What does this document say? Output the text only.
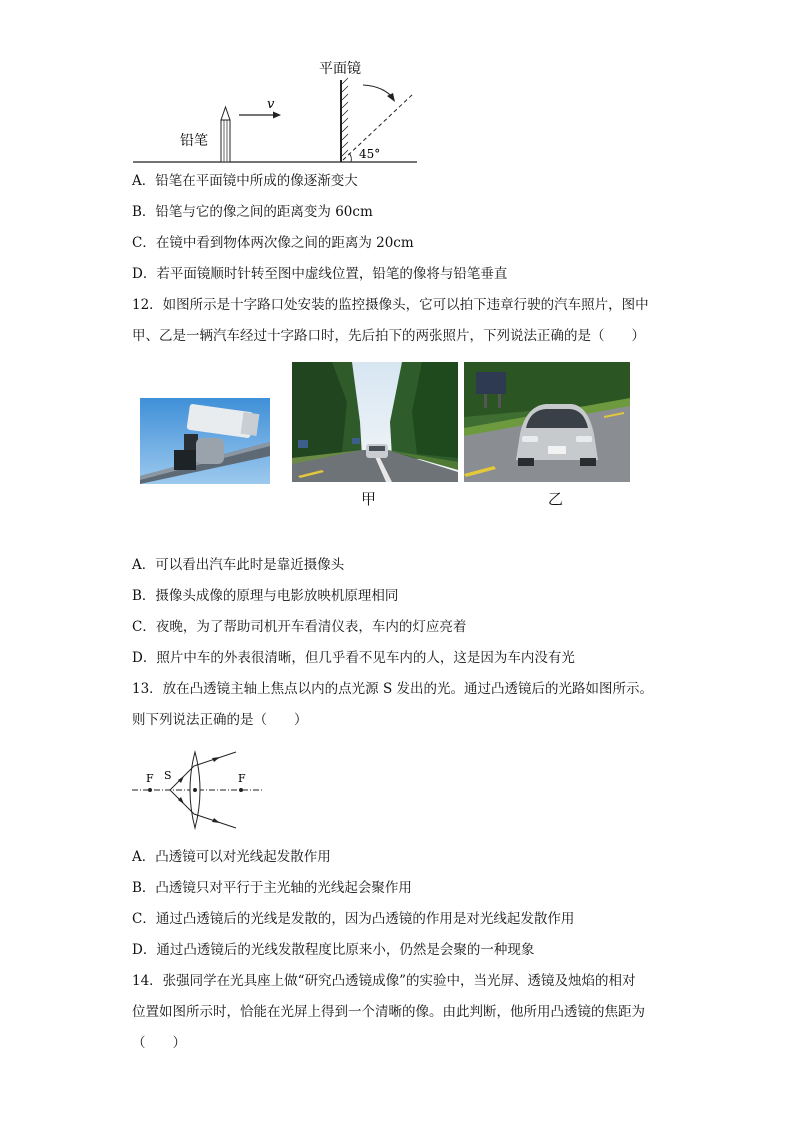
平面镜
铅笔
v
45°
A．铅笔在平面镜中所成的像逐渐变大
B．铅笔与它的像之间的距离变为 60cm
C．在镜中看到物体两次像之间的距离为 20cm
D．若平面镜顺时针转至图中虚线位置，铅笔的像将与铅笔垂直
12．如图所示是十字路口处安装的监控摄像头，它可以拍下违章行驶的汽车照片，图中
甲、乙是一辆汽车经过十字路口时，先后拍下的两张照片，下列说法正确的是（　　）
甲	乙
A．可以看出汽车此时是靠近摄像头
B．摄像头成像的原理与电影放映机原理相同
C．夜晚，为了帮助司机开车看清仪表，车内的灯应亮着
D．照片中车的外表很清晰，但几乎看不见车内的人，这是因为车内没有光
13．放在凸透镜主轴上焦点以内的点光源 S 发出的光。通过凸透镜后的光路如图所示。
则下列说法正确的是（　　）
F S	F
A．凸透镜可以对光线起发散作用
B．凸透镜只对平行于主光轴的光线起会聚作用
C．通过凸透镜后的光线是发散的，因为凸透镜的作用是对光线起发散作用
D．通过凸透镜后的光线发散程度比原来小，仍然是会聚的一种现象
14．张强同学在光具座上做“研究凸透镜成像”的实验中，当光屏、透镜及烛焰的相对
位置如图所示时，恰能在光屏上得到一个清晰的像。由此判断，他所用凸透镜的焦距为
（　　）
